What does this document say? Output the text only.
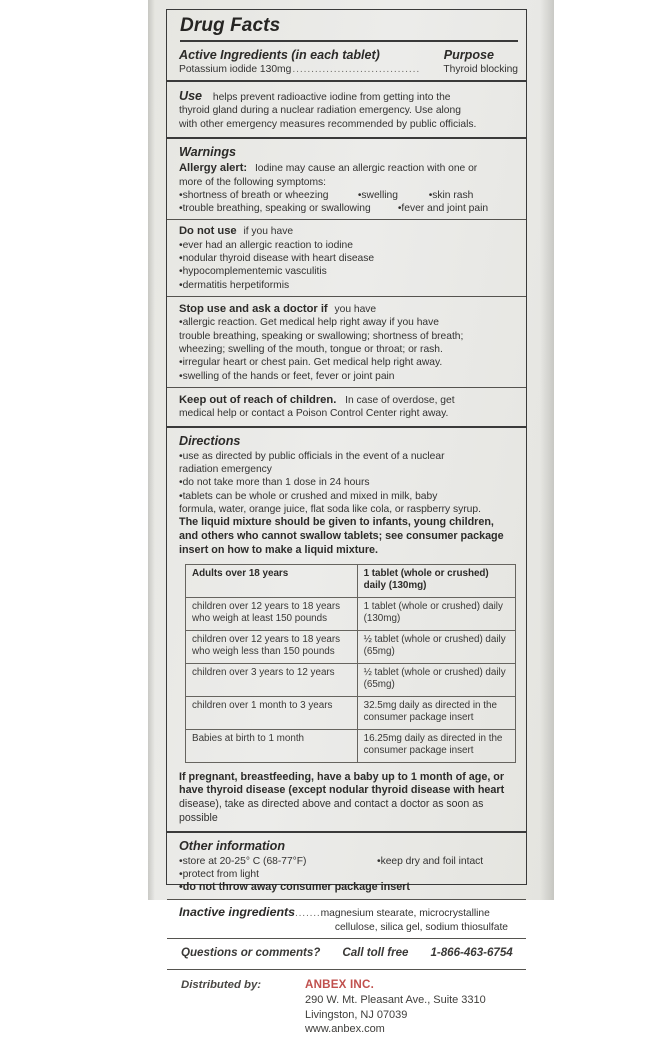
Drug Facts
Active Ingredients (in each tablet)	Purpose
Potassium iodide 130mg ..................................	Thyroid blocking
Use helps prevent radioactive iodine from getting into the
thyroid gland during a nuclear radiation emergency. Use along
with other emergency measures recommended by public officials.
Warnings
Allergy alert: Iodine may cause an allergic reaction with one or
more of the following symptoms:
•shortness of breath or wheezing	•swelling	•skin rash
•trouble breathing, speaking or swallowing	•fever and joint pain
Do not use if you have
•ever had an allergic reaction to iodine
•nodular thyroid disease with heart disease
•hypocomplementemic vasculitis
•dermatitis herpetiformis
Stop use and ask a doctor if you have
•allergic reaction. Get medical help right away if you have
trouble breathing, speaking or swallowing; shortness of breath;
wheezing; swelling of the mouth, tongue or throat; or rash.
•irregular heart or chest pain. Get medical help right away.
•swelling of the hands or feet, fever or joint pain
Keep out of reach of children. In case of overdose, get
medical help or contact a Poison Control Center right away.
Directions
•use as directed by public officials in the event of a nuclear
radiation emergency
•do not take more than 1 dose in 24 hours
•tablets can be whole or crushed and mixed in milk, baby
formula, water, orange juice, flat soda like cola, or raspberry syrup.
The liquid mixture should be given to infants, young children,
and others who cannot swallow tablets; see consumer package
insert on how to make a liquid mixture.
Adults over 18 years	1 tablet (whole or crushed) daily (130mg)
children over 12 years to 18 years who weigh at least 150 pounds	1 tablet (whole or crushed) daily (130mg)
children over 12 years to 18 years who weigh less than 150 pounds	½ tablet (whole or crushed) daily (65mg)
children over 3 years to 12 years	½ tablet (whole or crushed) daily (65mg)
children over 1 month to 3 years	32.5mg daily as directed in the consumer package insert
Babies at birth to 1 month	16.25mg daily as directed in the consumer package insert
If pregnant, breastfeeding, have a baby up to 1 month of age, or
have thyroid disease (except nodular thyroid disease with heart
disease), take as directed above and contact a doctor as soon as
possible
Other information
•store at 20-25° C (68-77°F)	•keep dry and foil intact
•protect from light
•do not throw away consumer package insert
Inactive ingredients ....... magnesium stearate, microcrystalline
cellulose, silica gel, sodium thiosulfate
Questions or comments? Call toll free 1-866-463-6754
Distributed by:	ANBEX INC.
290 W. Mt. Pleasant Ave., Suite 3310
Livingston, NJ 07039
www.anbex.com
